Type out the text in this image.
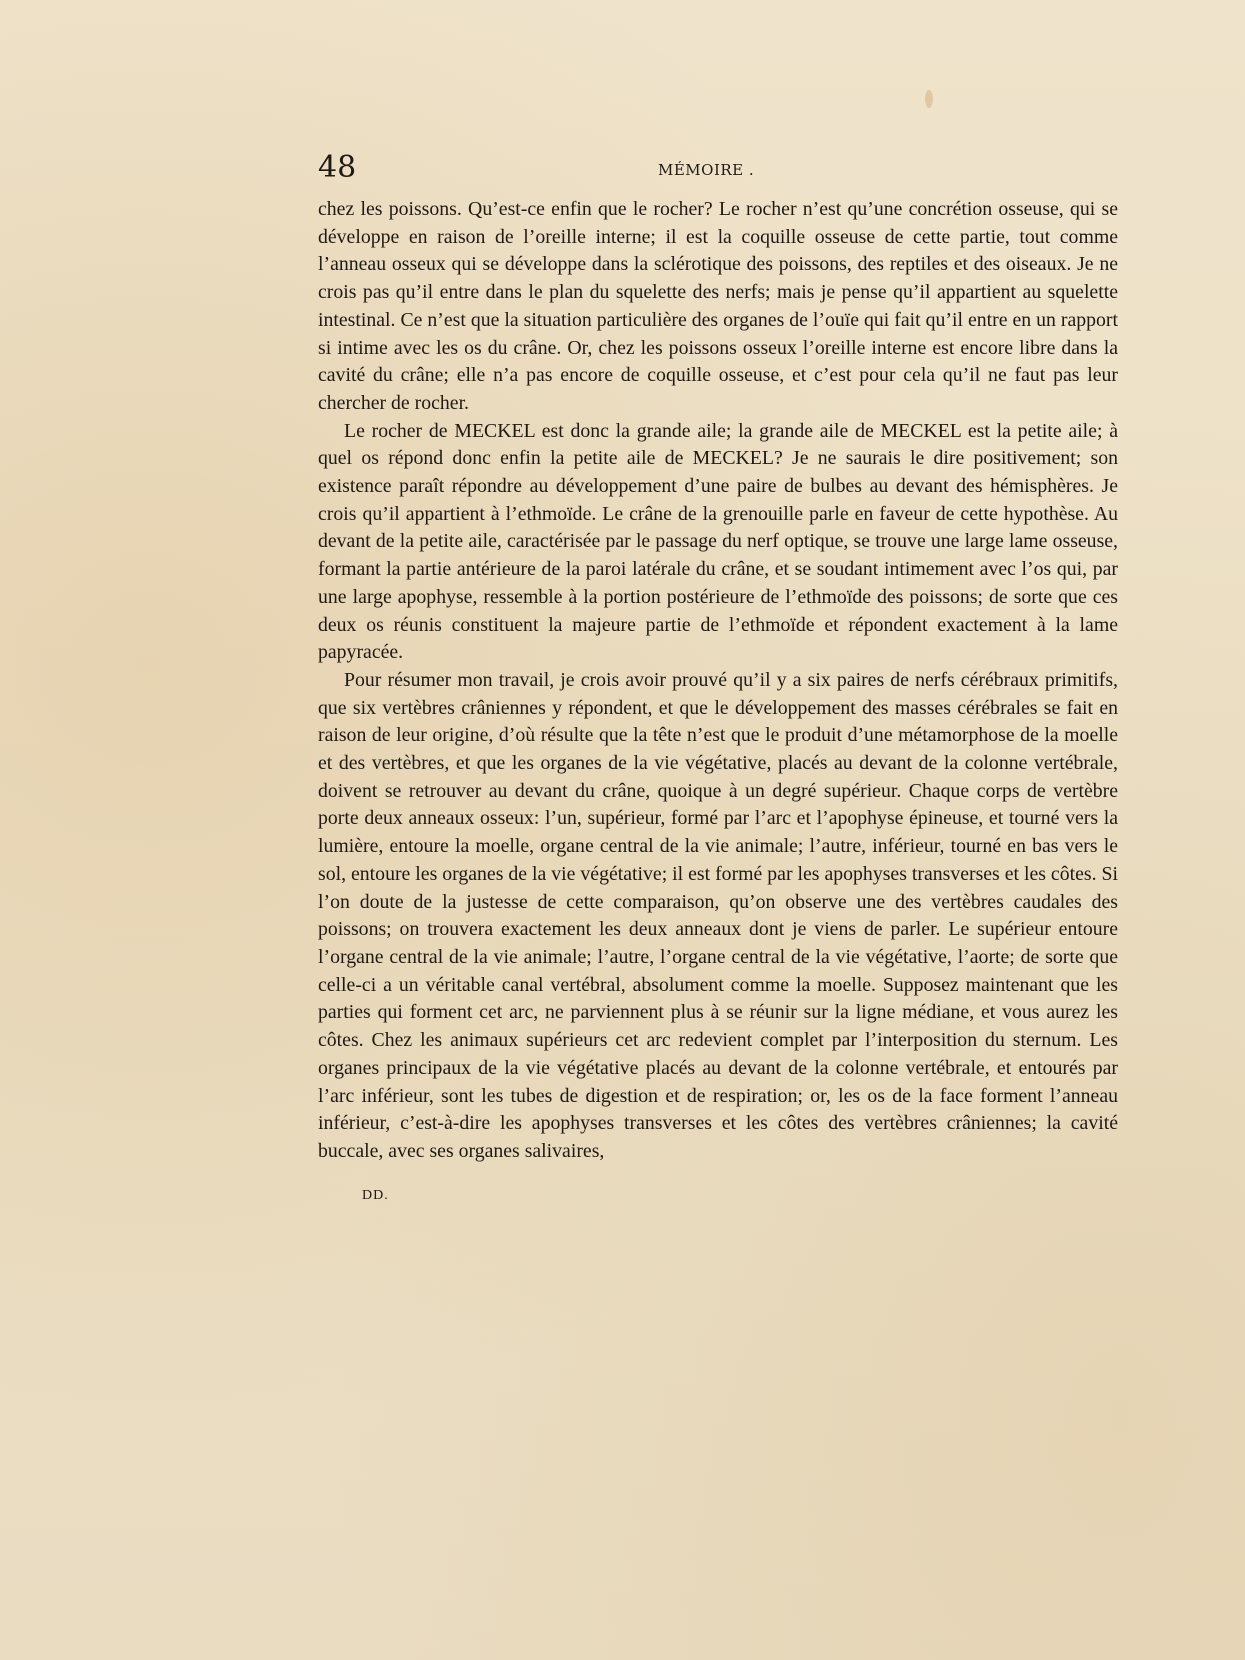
48	MÉMOIRE .

chez les poissons. Qu’est-ce enfin que le rocher? Le rocher n’est qu’une concrétion osseuse, qui se développe en raison de l’oreille interne; il est la coquille osseuse de cette partie, tout comme l’anneau osseux qui se développe dans la sclérotique des poissons, des reptiles et des oiseaux. Je ne crois pas qu’il entre dans le plan du squelette des nerfs; mais je pense qu’il appartient au squelette intestinal. Ce n’est que la situation particulière des organes de l’ouïe qui fait qu’il entre en un rapport si intime avec les os du crâne. Or, chez les poissons osseux l’oreille interne est encore libre dans la cavité du crâne; elle n’a pas encore de coquille osseuse, et c’est pour cela qu’il ne faut pas leur chercher de rocher.

Le rocher de MECKEL est donc la grande aile; la grande aile de MECKEL est la petite aile; à quel os répond donc enfin la petite aile de MECKEL? Je ne saurais le dire positivement; son existence paraît répondre au développement d’une paire de bulbes au devant des hémisphères. Je crois qu’il appartient à l’ethmoïde. Le crâne de la grenouille parle en faveur de cette hypothèse. Au devant de la petite aile, caractérisée par le passage du nerf optique, se trouve une large lame osseuse, formant la partie antérieure de la paroi latérale du crâne, et se soudant intimement avec l’os qui, par une large apophyse, ressemble à la portion postérieure de l’ethmoïde des poissons; de sorte que ces deux os réunis constituent la majeure partie de l’ethmoïde et répondent exactement à la lame papyracée.

Pour résumer mon travail, je crois avoir prouvé qu’il y a six paires de nerfs cérébraux primitifs, que six vertèbres crâniennes y répondent, et que le développement des masses cérébrales se fait en raison de leur origine, d’où résulte que la tête n’est que le produit d’une métamorphose de la moelle et des vertèbres, et que les organes de la vie végétative, placés au devant de la colonne vertébrale, doivent se retrouver au devant du crâne, quoique à un degré supérieur. Chaque corps de vertèbre porte deux anneaux osseux: l’un, supérieur, formé par l’arc et l’apophyse épineuse, et tourné vers la lumière, entoure la moelle, organe central de la vie animale; l’autre, inférieur, tourné en bas vers le sol, entoure les organes de la vie végétative; il est formé par les apophyses transverses et les côtes. Si l’on doute de la justesse de cette comparaison, qu’on observe une des vertèbres caudales des poissons; on trouvera exactement les deux anneaux dont je viens de parler. Le supérieur entoure l’organe central de la vie animale; l’autre, l’organe central de la vie végétative, l’aorte; de sorte que celle-ci a un véritable canal vertébral, absolument comme la moelle. Supposez maintenant que les parties qui forment cet arc, ne parviennent plus à se réunir sur la ligne médiane, et vous aurez les côtes. Chez les animaux supérieurs cet arc redevient complet par l’interposition du sternum. Les organes principaux de la vie végétative placés au devant de la colonne vertébrale, et entourés par l’arc inférieur, sont les tubes de digestion et de respiration; or, les os de la face forment l’anneau inférieur, c’est-à-dire les apophyses transverses et les côtes des vertèbres crâniennes; la cavité buccale, avec ses organes salivaires,

DD.
